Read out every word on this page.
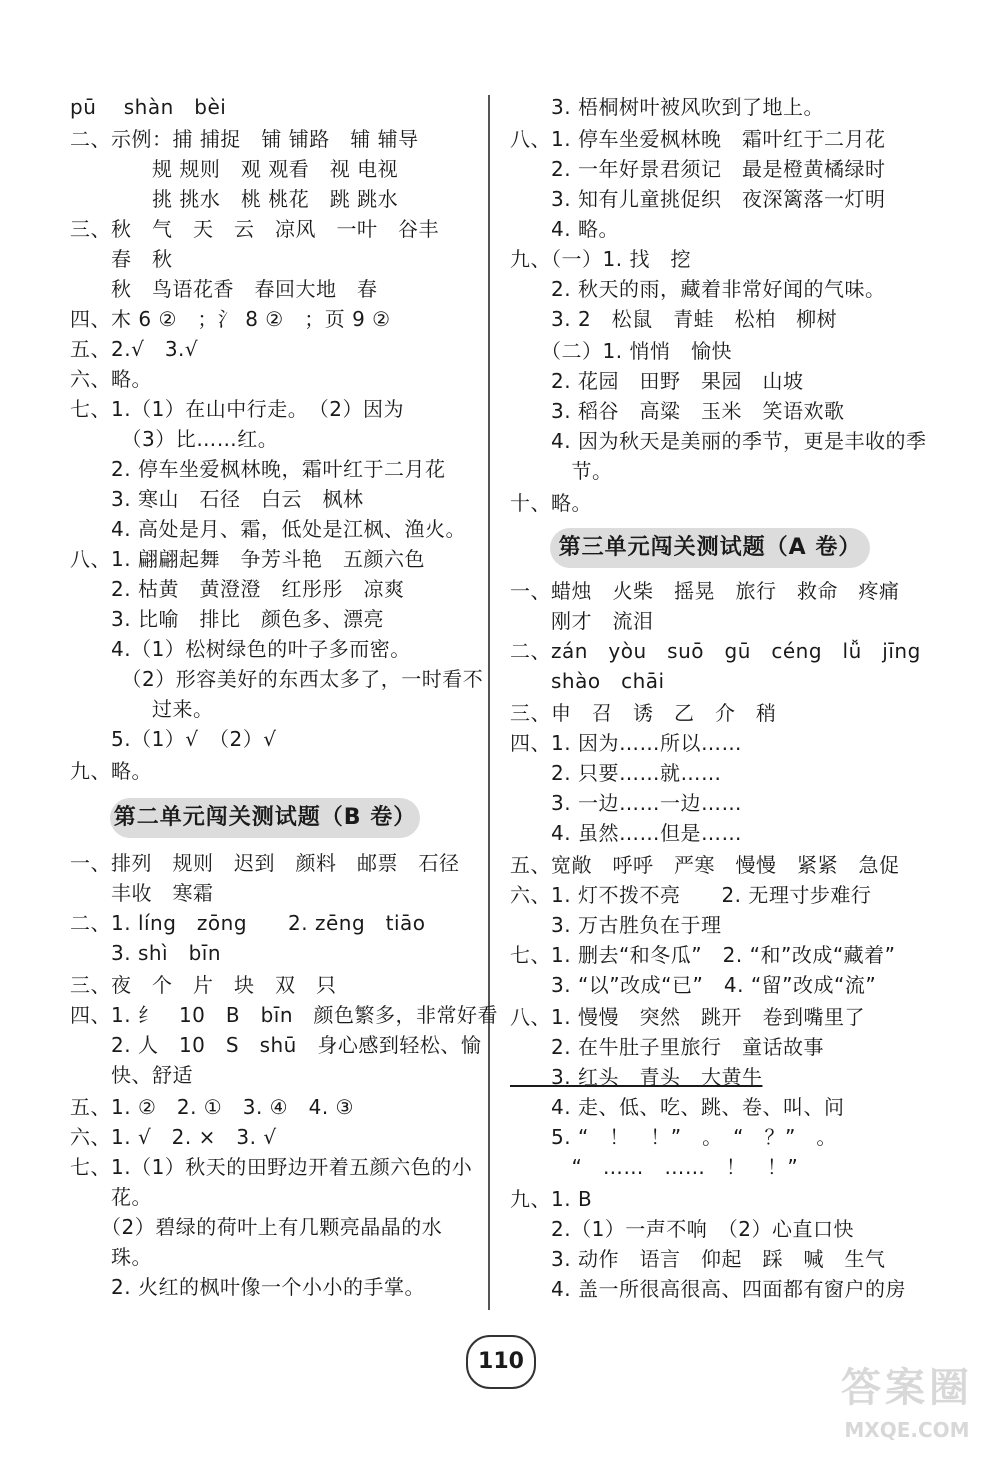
pū　 shàn　bèi
二、示例：捕 捕捉　铺 铺路　辅 辅导
　　　　规 规则　观 观看　视 电视
　　　　挑 挑水　桃 桃花　跳 跳水
三、秋　气　天　云　凉风　一叶　谷丰
　　春　秋
　　秋　鸟语花香　春回大地　春
四、木 6 ②　；氵 8 ②　；页 9 ②
五、2.√　3.√
六、略。
七、1.（1）在山中行走。　（2）因为
　　　（3）比……红。
　　2. 停车坐爱枫林晚，霜叶红于二月花
　　3. 寒山　石径　白云　枫林
　　4. 高处是月、霜，低处是江枫、渔火。
八、1. 翩翩起舞　争芳斗艳　五颜六色
　　2. 枯黄　黄澄澄　红彤彤　凉爽
　　3. 比喻　排比　颜色多、漂亮
　　4.（1）松树绿色的叶子多而密。
　　　（2）形容美好的东西太多了，一时看不
　　　　过来。
　　5.（1）√　（2）√
九、略。
第二单元闯关测试题（B 卷）
一、排列　规则　迟到　颜料　邮票　石径
　　丰收　寒霜
二、1. líng　zōng　　2. zēng　tiāo
　　3. shì　bīn
三、夜　个　片　块　双　只
四、1. 纟　10　B　bīn　颜色繁多，非常好看
　　2. 人　10　S　shū　身心感到轻松、愉
　　快、舒适
五、1. ②　2. ①　3. ④　4. ③
六、1. √　2. ×　3. √
七、1.（1）秋天的田野边开着五颜六色的小
　　花。
　　（2）碧绿的荷叶上有几颗亮晶晶的水
　　珠。
　　2. 火红的枫叶像一个小小的手掌。
　　3. 梧桐树叶被风吹到了地上。
八、1. 停车坐爱枫林晚　霜叶红于二月花
　　2. 一年好景君须记　最是橙黄橘绿时
　　3. 知有儿童挑促织　夜深篱落一灯明
　　4. 略。
九、（一）1. 找　挖
　　2. 秋天的雨，藏着非常好闻的气味。
　　3. 2　松鼠　青蛙　松柏　柳树
　　（二）1. 悄悄　愉快
　　2. 花园　田野　果园　山坡
　　3. 稻谷　高粱　玉米　笑语欢歌
　　4. 因为秋天是美丽的季节，更是丰收的季
　　　节。
十、略。
第三单元闯关测试题（A 卷）
一、蜡烛　火柴　摇晃　旅行　救命　疼痛
　　刚才　流泪
二、zán　yòu　suō　gū　céng　lǚ　jīng
　　shào　chāi
三、申　召　诱　乙　介　稍
四、1. 因为……所以……
　　2. 只要……就……
　　3. 一边……一边……
　　4. 虽然……但是……
五、宽敞　呼呼　严寒　慢慢　紧紧　急促
六、1. 灯不拨不亮　　2. 无理寸步难行
　　3. 万古胜负在于理
七、1. 删去“和冬瓜”　2. “和”改成“藏着”
　　3. “以”改成“已”　4. “留”改成“流”
八、1. 慢慢　突然　跳开　卷到嘴里了
　　2. 在牛肚子里旅行　童话故事
　　3. 红头　青头　大黄牛
　　4. 走、低、吃、跳、卷、叫、问
　　5. “　！　！”　。　“　？”　。
　　　“　……　……　！　！”
九、1. B
　　2.（1）一声不响　（2）心直口快
　　3. 动作　语言　仰起　踩　喊　生气
　　4. 盖一所很高很高、四面都有窗户的房
110
答案圈
MXQE.COM
